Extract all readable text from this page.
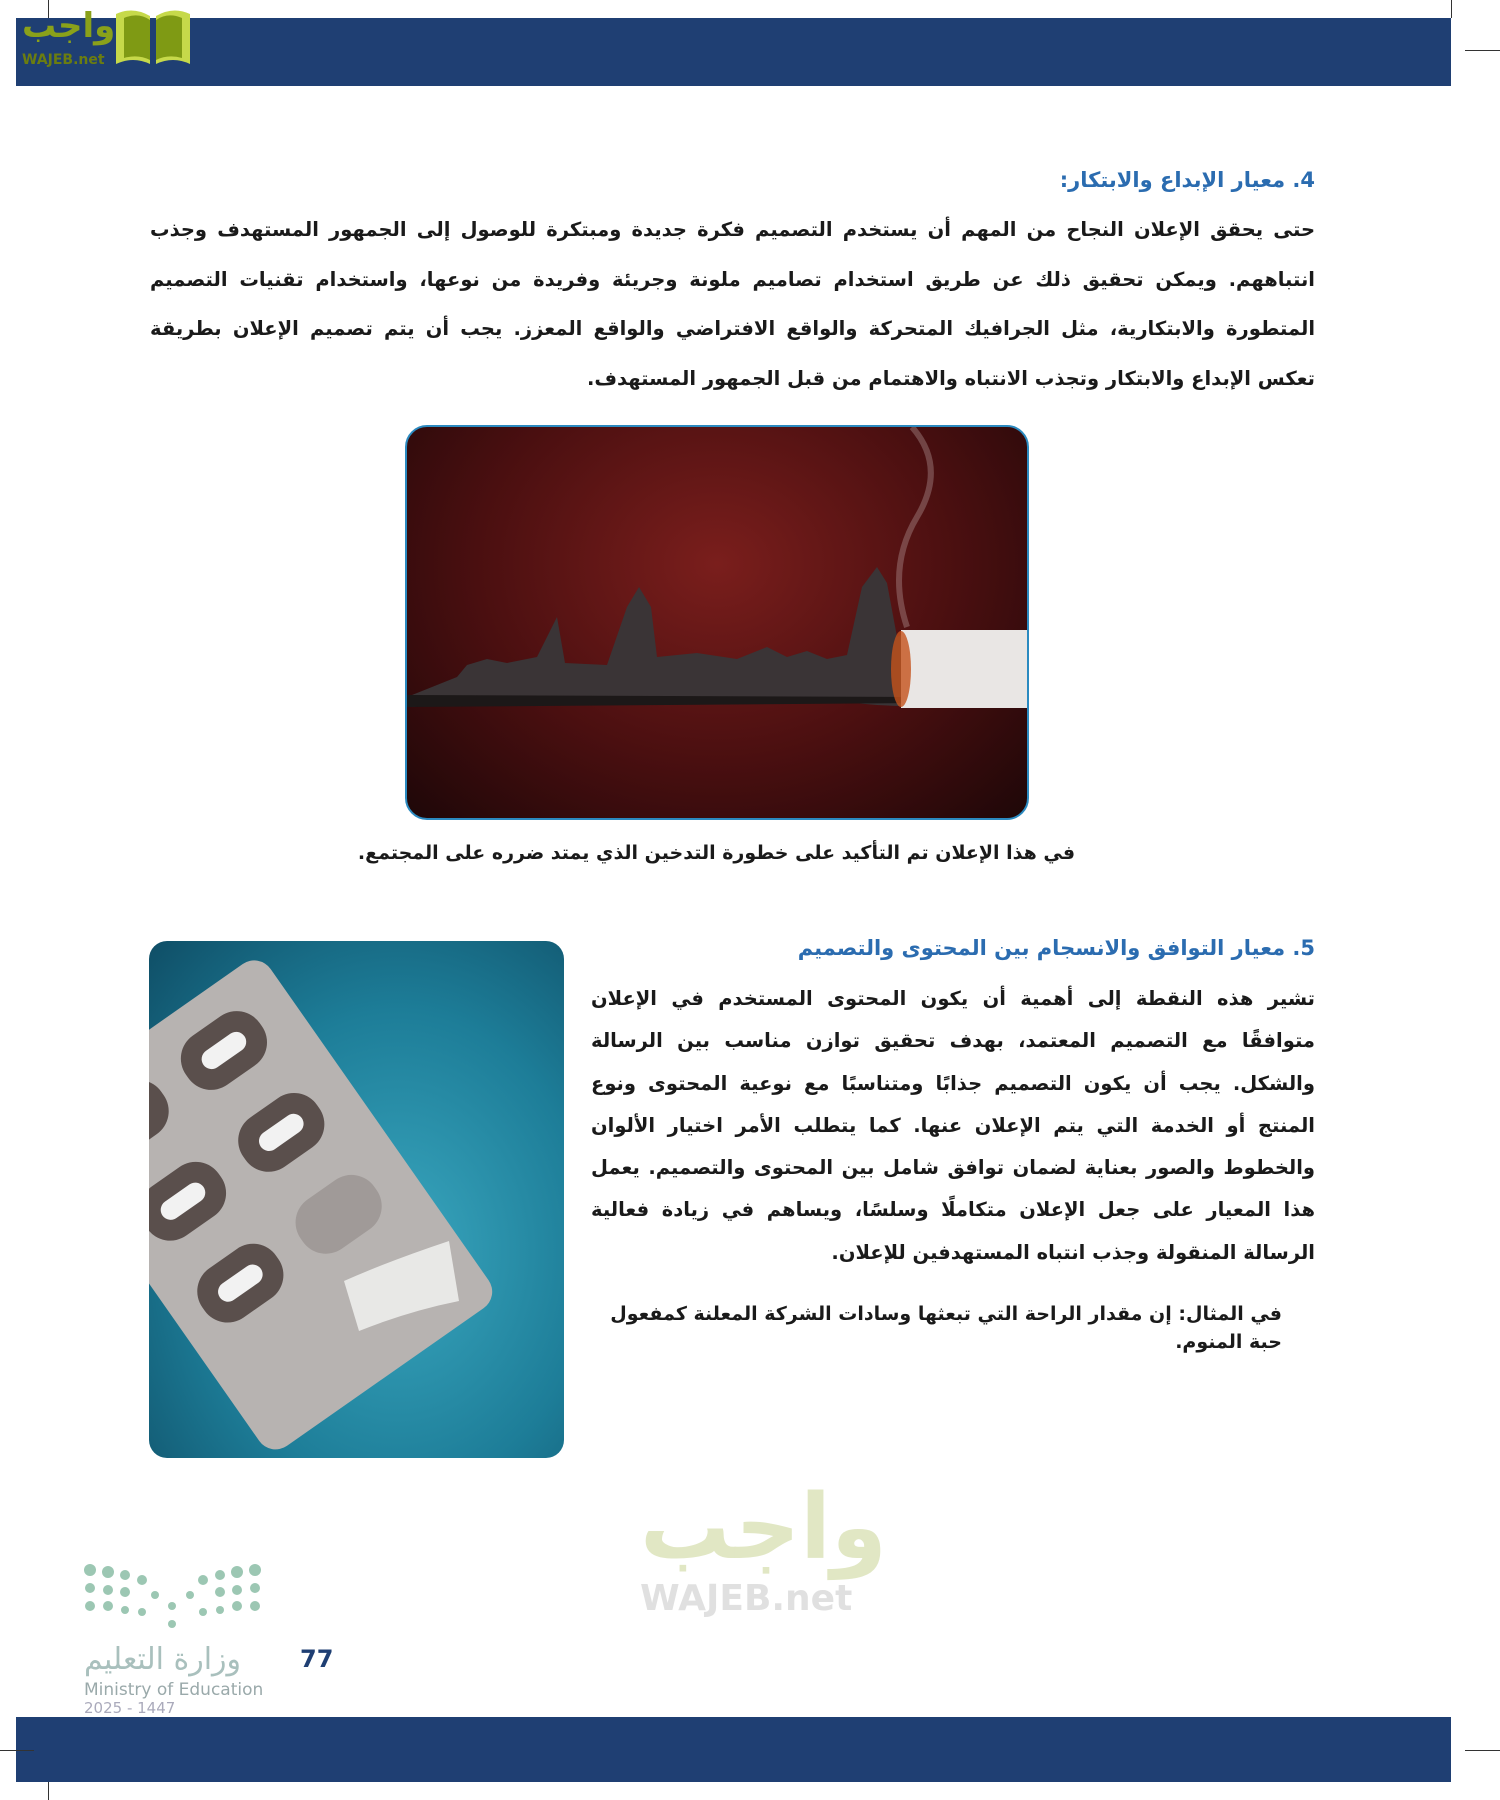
واجب
WAJEB.net
4. معيار الإبداع والابتكار:
حتى يحقق الإعلان النجاح من المهم أن يستخدم التصميم فكرة جديدة ومبتكرة للوصول إلى الجمهور المستهدف وجذب انتباههم. ويمكن تحقيق ذلك عن طريق استخدام تصاميم ملونة وجريئة وفريدة من نوعها، واستخدام تقنيات التصميم المتطورة والابتكارية، مثل الجرافيك المتحركة والواقع الافتراضي والواقع المعزز. يجب أن يتم تصميم الإعلان بطريقة تعكس الإبداع والابتكار وتجذب الانتباه والاهتمام من قبل الجمهور المستهدف.
في هذا الإعلان تم التأكيد على خطورة التدخين الذي يمتد ضرره على المجتمع.
5. معيار التوافق والانسجام بين المحتوى والتصميم
تشير هذه النقطة إلى أهمية أن يكون المحتوى المستخدم في الإعلان متوافقًا مع التصميم المعتمد، بهدف تحقيق توازن مناسب بين الرسالة والشكل. يجب أن يكون التصميم جذابًا ومتناسبًا مع نوعية المحتوى ونوع المنتج أو الخدمة التي يتم الإعلان عنها. كما يتطلب الأمر اختيار الألوان والخطوط والصور بعناية لضمان توافق شامل بين المحتوى والتصميم. يعمل هذا المعيار على جعل الإعلان متكاملًا وسلسًا، ويساهم في زيادة فعالية الرسالة المنقولة وجذب انتباه المستهدفين للإعلان.
في المثال: إن مقدار الراحة التي تبعثها وسادات الشركة المعلنة كمفعول حبة المنوم.
واجب
WAJEB.net
وزارة التعليم
Ministry of Education
2025 - 1447
77
